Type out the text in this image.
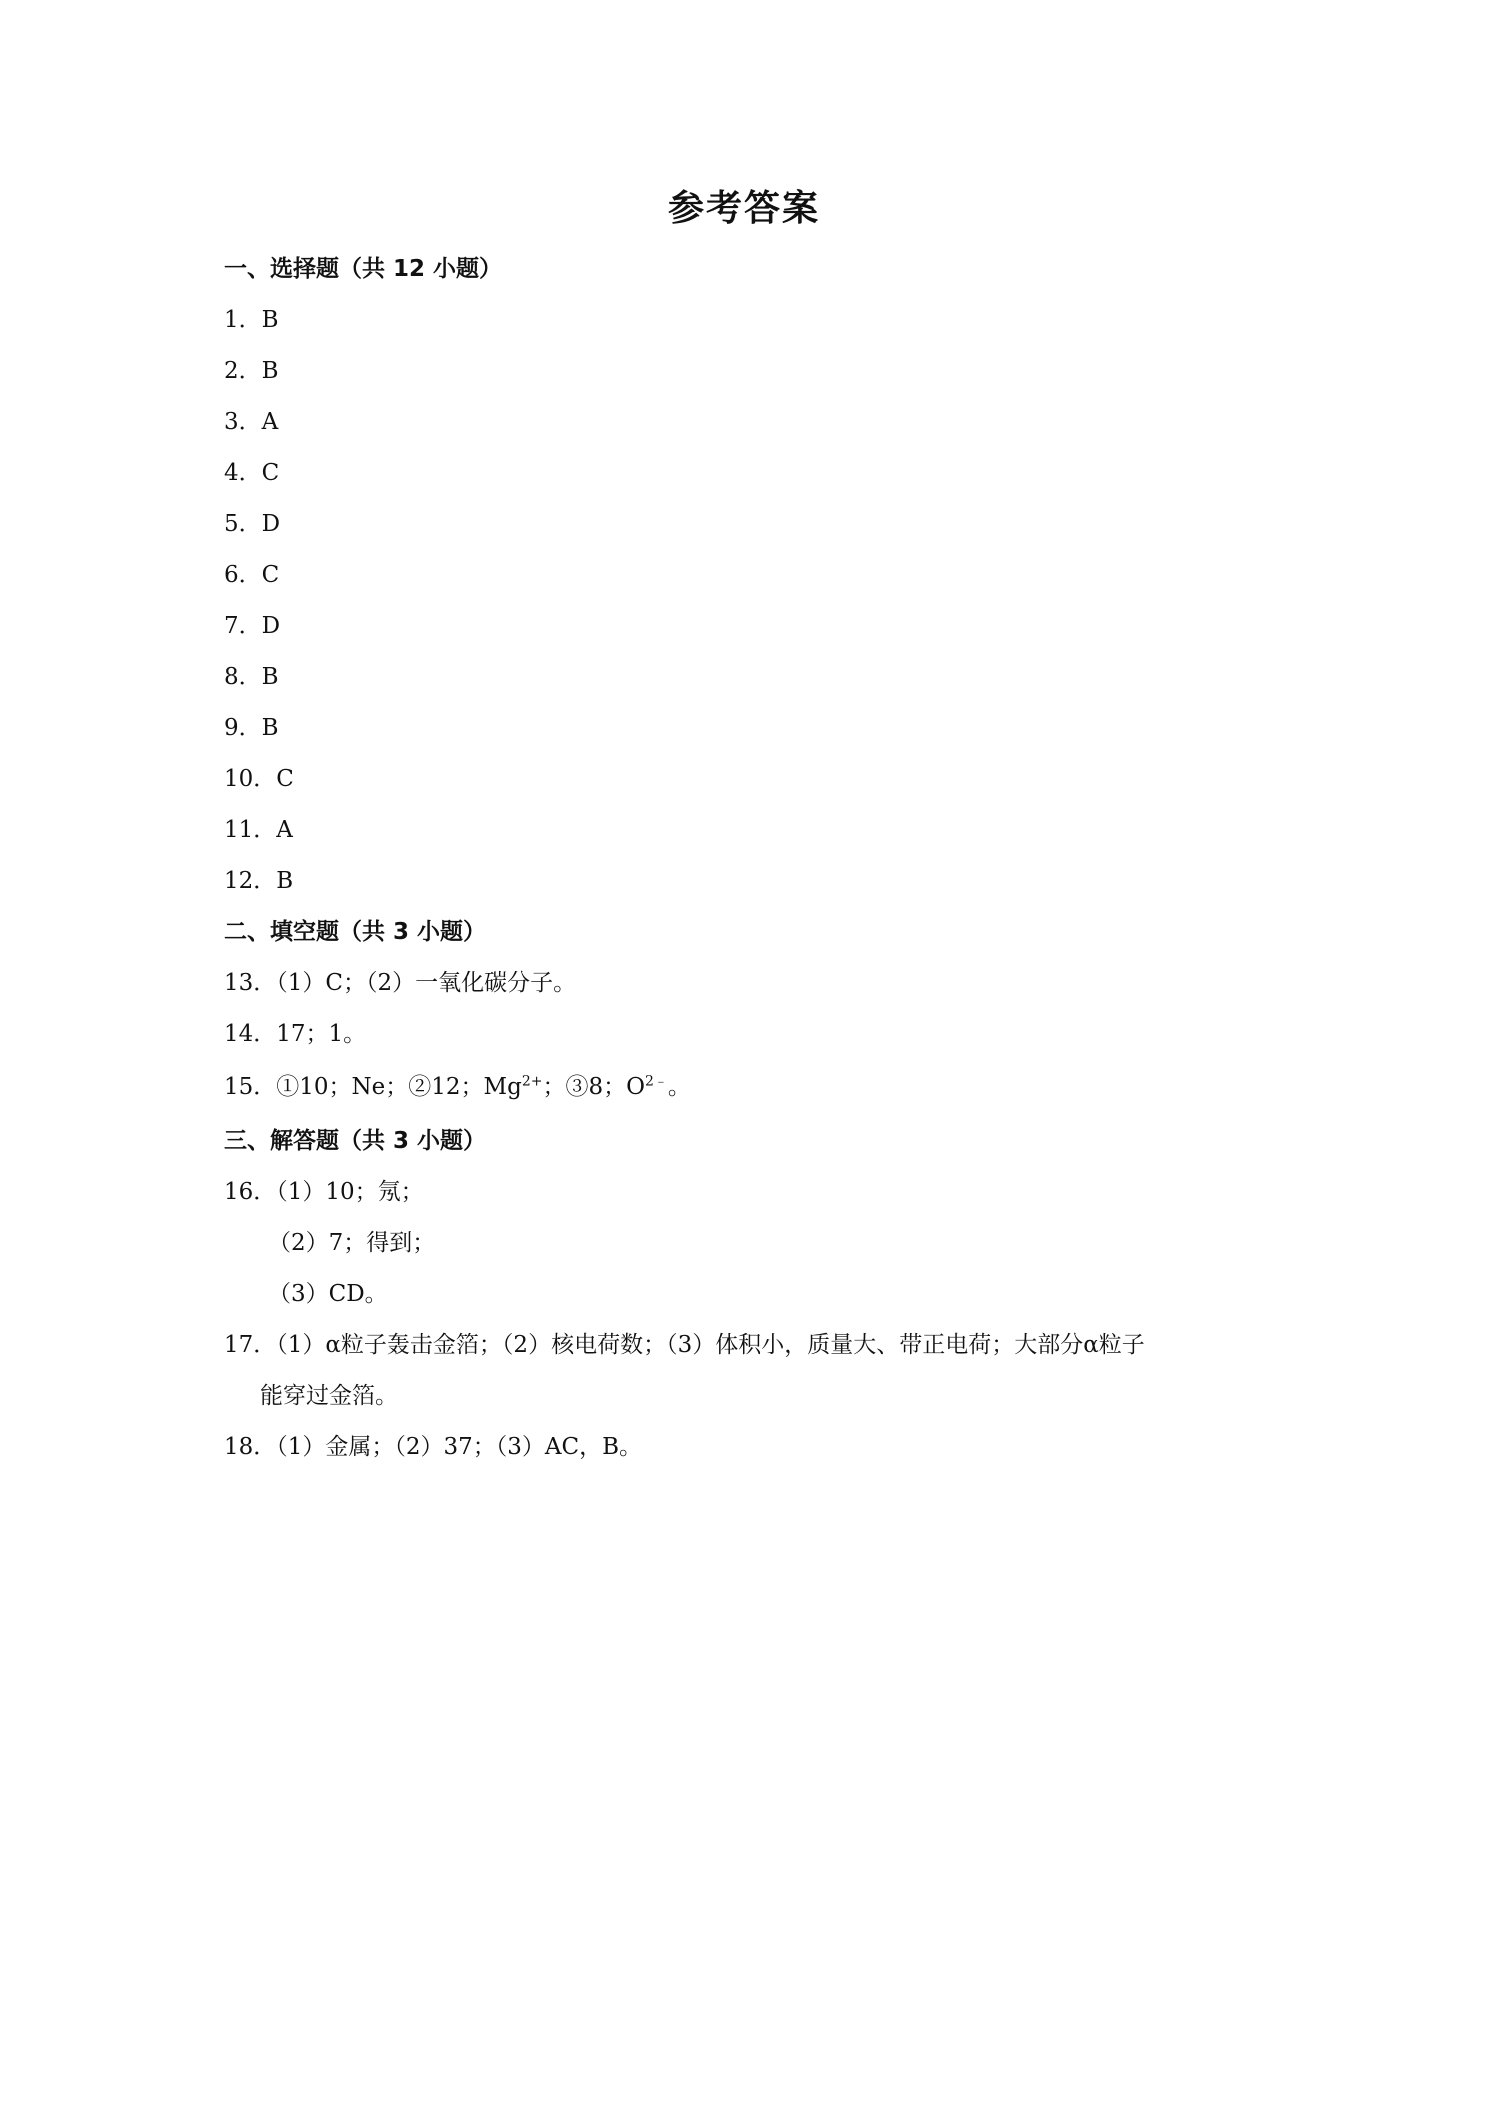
参考答案
一、选择题（共 12 小题）
1．B
2．B
3．A
4．C
5．D
6．C
7．D
8．B
9．B
10．C
11．A
12．B
二、填空题（共 3 小题）
13．（1）C；（2）一氧化碳分子。
14．17；1。
15．①10；Ne；②12；$Mg^{2+}$；③8；$O^{2﹣}$。
三、解答题（共 3 小题）
16．（1）10；氖；
（2）7；得到；
（3）CD。
17．（1）α粒子轰击金箔；（2）核电荷数；（3）体积小，质量大、带正电荷；大部分α粒子
能穿过金箔。
18．（1）金属；（2）37；（3）AC，B。
